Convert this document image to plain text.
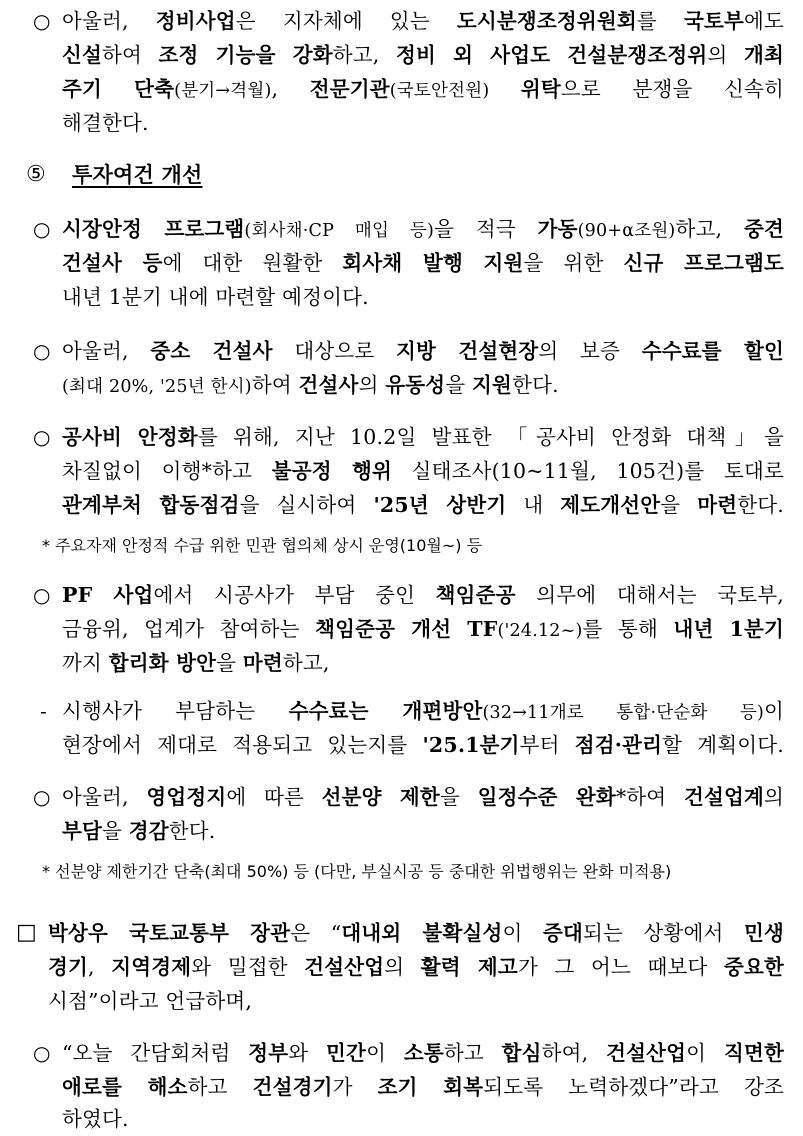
○ 아울러, 정비사업은 지자체에 있는 도시분쟁조정위원회를 국토부에도
신설하여 조정 기능을 강화하고, 정비 외 사업도 건설분쟁조정위의 개최
주기 단축(분기→격월), 전문기관(국토안전원) 위탁으로 분쟁을 신속히
해결한다.
⑤ 투자여건 개선
○ 시장안정 프로그램(회사채·CP 매입 등)을 적극 가동(90+α조원)하고, 중견
건설사 등에 대한 원활한 회사채 발행 지원을 위한 신규 프로그램도
내년 1분기 내에 마련할 예정이다.
○ 아울러, 중소 건설사 대상으로 지방 건설현장의 보증 수수료를 할인
(최대 20%, '25년 한시)하여 건설사의 유동성을 지원한다.
○ 공사비 안정화를 위해, 지난 10.2일 발표한 「공사비 안정화 대책」을
차질없이 이행*하고 불공정 행위 실태조사(10~11월, 105건)를 토대로
관계부처 합동점검을 실시하여 '25년 상반기 내 제도개선안을 마련한다.
* 주요자재 안정적 수급 위한 민관 협의체 상시 운영(10월~) 등
○ PF 사업에서 시공사가 부담 중인 책임준공 의무에 대해서는 국토부,
금융위, 업계가 참여하는 책임준공 개선 TF('24.12~)를 통해 내년 1분기
까지 합리화 방안을 마련하고,
- 시행사가 부담하는 수수료는 개편방안(32→11개로 통합·단순화 등)이
현장에서 제대로 적용되고 있는지를 '25.1분기부터 점검·관리할 계획이다.
○ 아울러, 영업정지에 따른 선분양 제한을 일정수준 완화*하여 건설업계의
부담을 경감한다.
* 선분양 제한기간 단축(최대 50%) 등 (다만, 부실시공 등 중대한 위법행위는 완화 미적용)
□ 박상우 국토교통부 장관은 “대내외 불확실성이 증대되는 상황에서 민생
경기, 지역경제와 밀접한 건설산업의 활력 제고가 그 어느 때보다 중요한
시점”이라고 언급하며,
○ “오늘 간담회처럼 정부와 민간이 소통하고 합심하여, 건설산업이 직면한
애로를 해소하고 건설경기가 조기 회복되도록 노력하겠다”라고 강조
하였다.
